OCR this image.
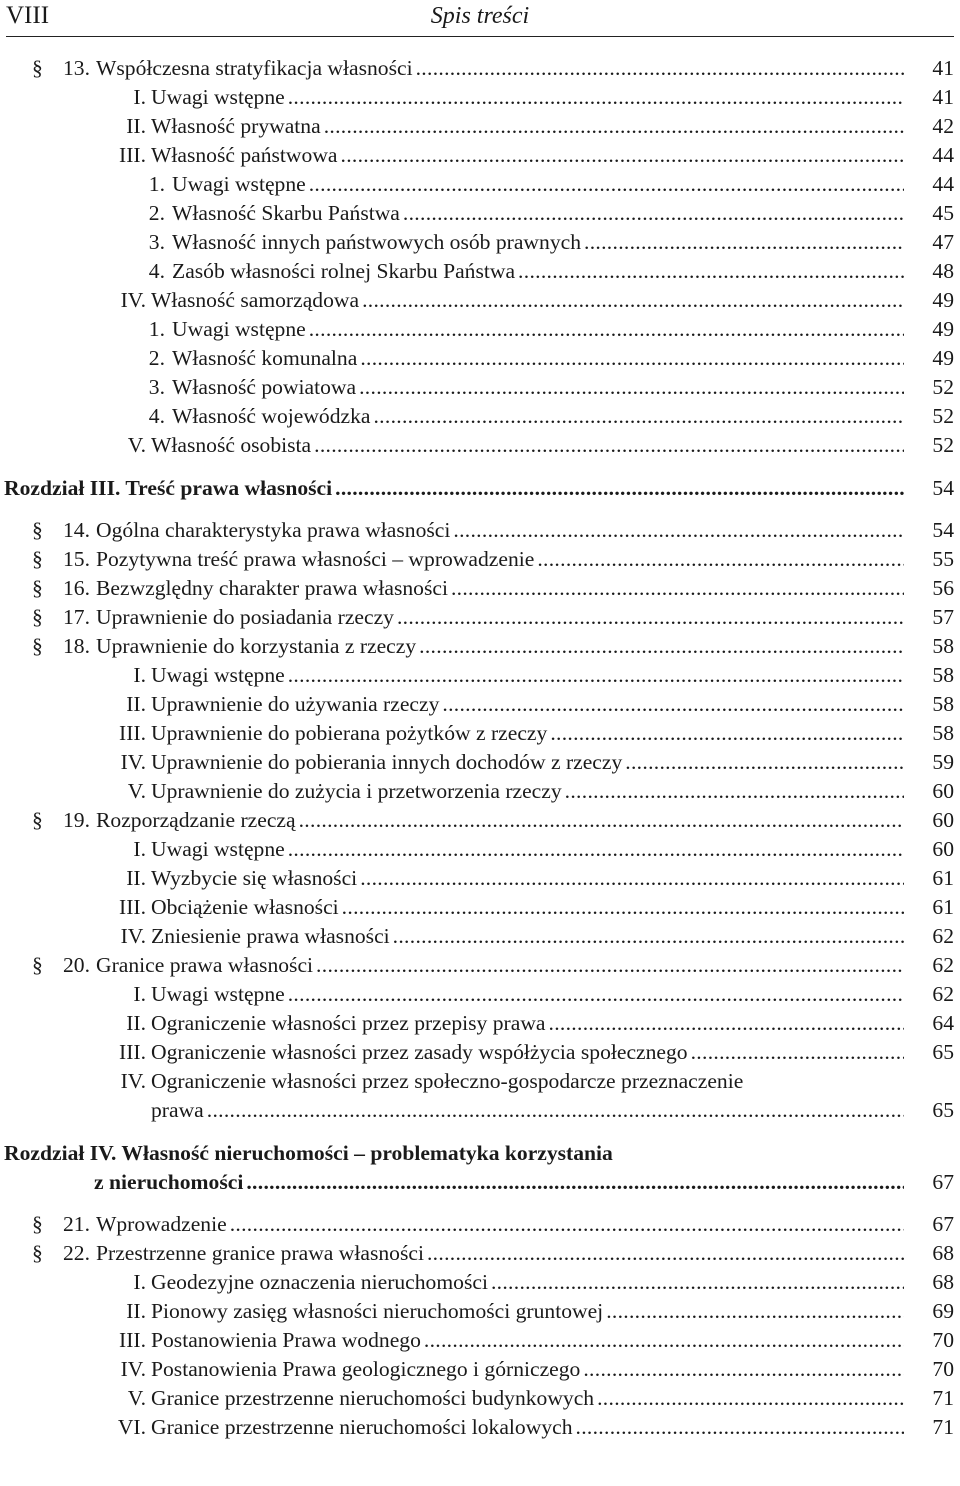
VIII	Spis treści
§ 13. Współczesna stratyfikacja własności .....	41
I. Uwagi wstępne .....	41
II. Własność prywatna .....	42
III. Własność państwowa .....	44
1. Uwagi wstępne .....	44
2. Własność Skarbu Państwa .....	45
3. Własność innych państwowych osób prawnych .....	47
4. Zasób własności rolnej Skarbu Państwa .....	48
IV. Własność samorządowa .....	49
1. Uwagi wstępne .....	49
2. Własność komunalna .....	49
3. Własność powiatowa .....	52
4. Własność wojewódzka .....	52
V. Własność osobista .....	52
Rozdział III. Treść prawa własności .....	54
§ 14. Ogólna charakterystyka prawa własności .....	54
§ 15. Pozytywna treść prawa własności – wprowadzenie .....	55
§ 16. Bezwzględny charakter prawa własności .....	56
§ 17. Uprawnienie do posiadania rzeczy .....	57
§ 18. Uprawnienie do korzystania z rzeczy .....	58
I. Uwagi wstępne .....	58
II. Uprawnienie do używania rzeczy .....	58
III. Uprawnienie do pobierana pożytków z rzeczy .....	58
IV. Uprawnienie do pobierania innych dochodów z rzeczy .....	59
V. Uprawnienie do zużycia i przetworzenia rzeczy .....	60
§ 19. Rozporządzanie rzeczą .....	60
I. Uwagi wstępne .....	60
II. Wyzbycie się własności .....	61
III. Obciążenie własności .....	61
IV. Zniesienie prawa własności .....	62
§ 20. Granice prawa własności .....	62
I. Uwagi wstępne .....	62
II. Ograniczenie własności przez przepisy prawa .....	64
III. Ograniczenie własności przez zasady współżycia społecznego .....	65
IV. Ograniczenie własności przez społeczno-gospodarcze przeznaczenie
prawa .....	65
Rozdział IV. Własność nieruchomości – problematyka korzystania
z nieruchomości .....	67
§ 21. Wprowadzenie .....	67
§ 22. Przestrzenne granice prawa własności .....	68
I. Geodezyjne oznaczenia nieruchomości .....	68
II. Pionowy zasięg własności nieruchomości gruntowej .....	69
III. Postanowienia Prawa wodnego .....	70
IV. Postanowienia Prawa geologicznego i górniczego .....	70
V. Granice przestrzenne nieruchomości budynkowych .....	71
VI. Granice przestrzenne nieruchomości lokalowych .....	71
